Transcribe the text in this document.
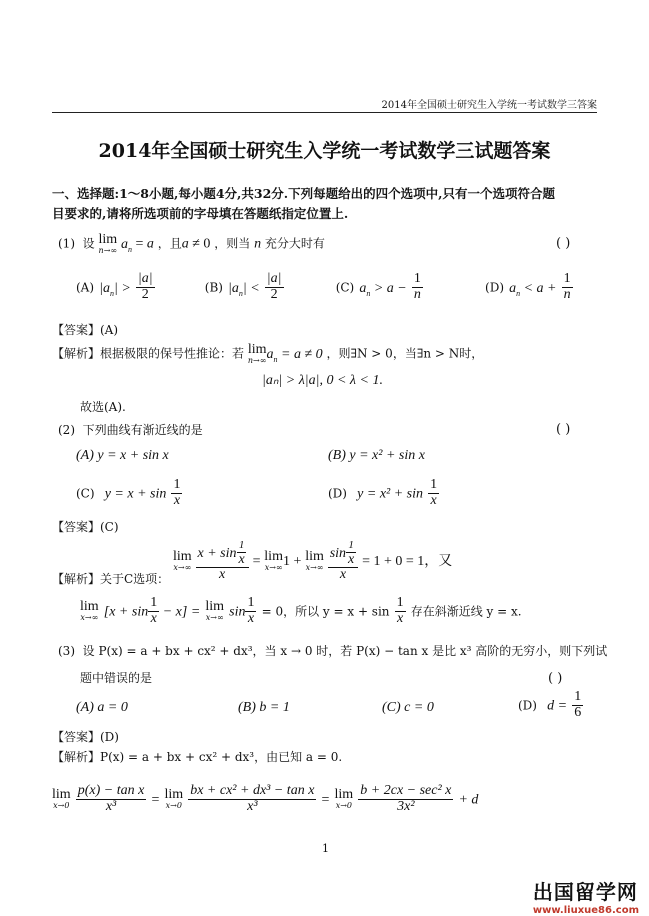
2014年全国硕士研究生入学统一考试数学三答案
2014年全国硕士研究生入学统一考试数学三试题答案
一、选择题:1～8小题,每小题4分,共32分.下列每题给出的四个选项中,只有一个选项符合题
目要求的,请将所选项前的字母填在答题纸指定位置上.
(1) 设 lim
n→∞ $a_n = a$ ，且a ≠ 0 ，则当 n 充分大时有	( )
(A) $|a_n| > \frac{|a|}{2}$	(B) $|a_n| < \frac{|a|}{2}$	(C) $a_n > a - \frac{1}{n}$	(D) $a_n < a + \frac{1}{n}$
【答案】(A)
【解析】根据极限的保号性推论：若 lim
n→∞ $a_n = a \ne 0$ ，则∃N > 0，当∃n > N时，
|aₙ| > λ|a|, 0 < λ < 1.
故选(A).
(2) 下列曲线有渐近线的是	( )
(A) y = x + sin x	(B) y = x² + sin x
(C) $y = x + \sin \frac{1}{x}$	(D) $y = x^2 + \sin \frac{1}{x}$
【答案】(C)
【解析】关于C选项：
lim
x→∞
$\frac{x + \sin \frac{1}{x}}{x} = \lim$
x→∞ 1 + lim
x→∞
$\frac{\sin \frac{1}{x}}{x} = 1 + 0 = 1$，又
lim
x→∞ $[x + \sin \frac{1}{x} - x] = \lim$
x→∞ $\sin \frac{1}{x} = 0$，所以 $y = x + \sin \frac{1}{x}$ 存在斜渐近线 y = x.
(3) 设 P(x) = a + bx + cx² + dx³，当 x → 0 时，若 P(x) − tan x 是比 x³ 高阶的无穷小，则下列试
题中错误的是	( )
(A) a = 0	(B) b = 1	(C) c = 0	(D) $d = \frac{1}{6}$
【答案】(D)
【解析】P(x) = a + bx + cx² + dx³，由已知 a = 0.
lim
x→0
$\frac{\text{p(x) − tan x}}{\text{x³}} = \lim$
x→0
$\frac{\text{bx + cx² + dx³ − tan x}}{\text{x³}} = \lim$
x→0
$\frac{\text{b + 2cx − sec² x}}{\text{3x²}} + d$
1
出国留学网
www.liuxue86.com
